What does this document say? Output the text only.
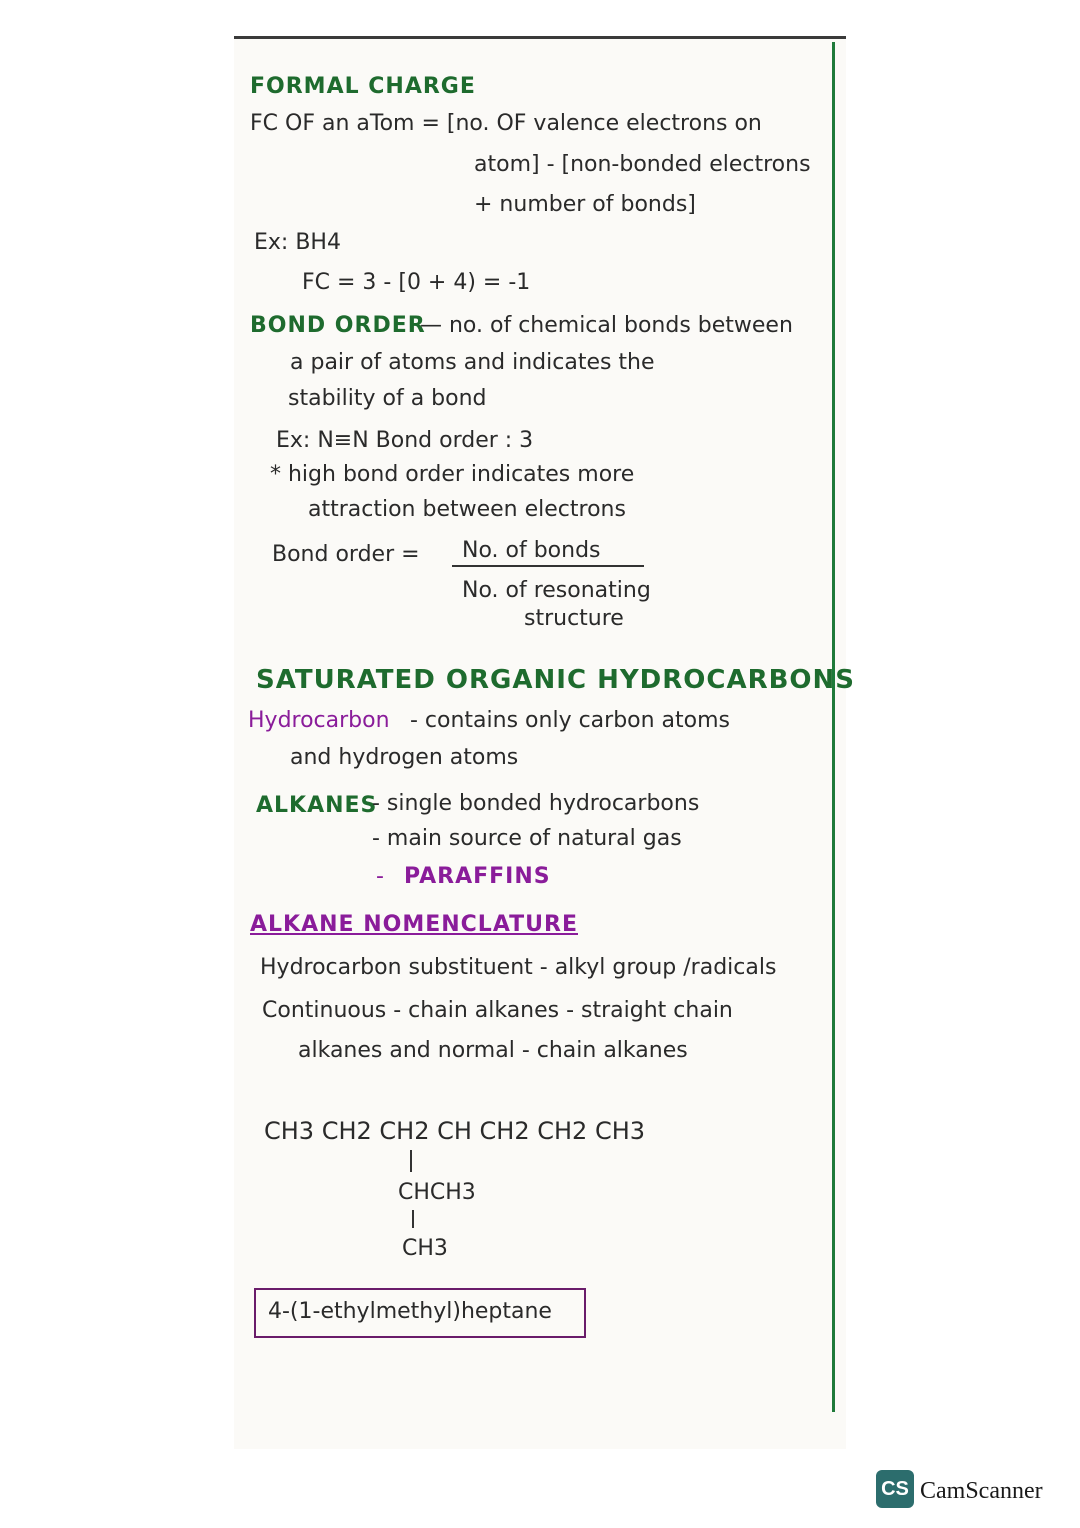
FORMAL CHARGE
FC OF an aTom = [no. OF valence electrons on
atom] - [non-bonded electrons
+ number of bonds]
Ex: BH4
FC = 3 - [0 + 4) = -1
BOND ORDER
— no. of chemical bonds between
a pair of atoms and indicates the
stability of a bond
Ex: N≡N Bond order : 3
* high bond order indicates more
attraction between electrons
Bond order = No. of bonds
No. of resonating
structure
SATURATED ORGANIC HYDROCARBONS
Hydrocarbon - contains only carbon atoms
and hydrogen atoms
ALKANES
- single bonded hydrocarbons
- main source of natural gas
- PARAFFINS
ALKANE NOMENCLATURE
Hydrocarbon substituent - alkyl group /radicals
Continuous - chain alkanes - straight chain
alkanes and normal - chain alkanes
CH3 CH2 CH2 CH CH2 CH2 CH3
CHCH3
CH3
4-(1-ethylmethyl)heptane
CS CamScanner
